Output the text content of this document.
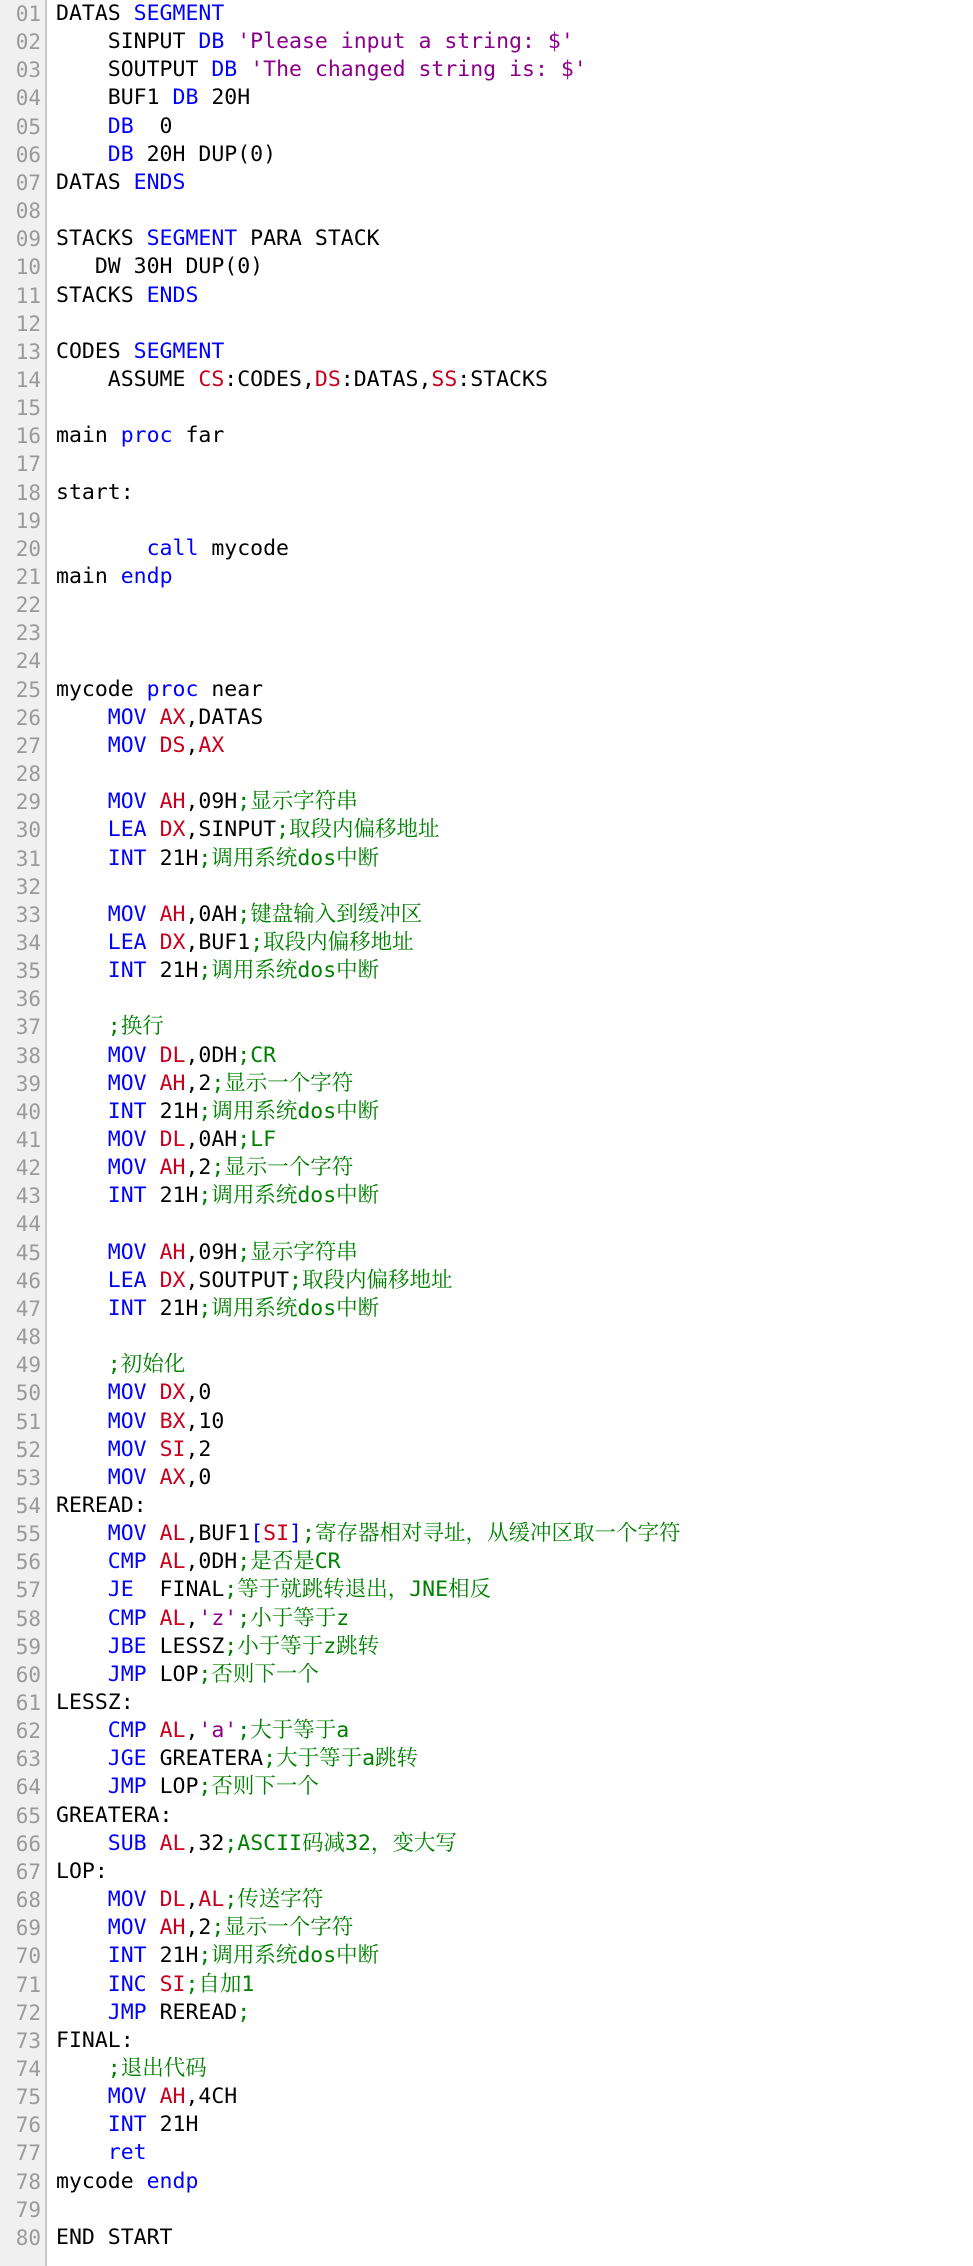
01 DATAS SEGMENT
02 SINPUT DB 'Please input a string: $'
03 SOUTPUT DB 'The changed string is: $'
04 BUF1 DB 20H
05	DB  0
06	DB 20H DUP(0)
07 DATAS ENDS
08
09 STACKS SEGMENT PARA STACK
10 DW 30H DUP(0)
11 STACKS ENDS
12
13 CODES SEGMENT
14 ASSUME CS:CODES,DS:DATAS,SS:STACKS
15
16 main proc far
17
18 start:
19
20	call mycode
21 main endp
22
23
24
25 mycode proc near
26	MOV AX,DATAS
27	MOV DS,AX
28
29	MOV AH,09H;显示字符串
30	LEA DX,SINPUT;取段内偏移地址
31	INT 21H;调用系统dos中断
32
33	MOV AH,0AH;键盘输入到缓冲区
34	LEA DX,BUF1;取段内偏移地址
35	INT 21H;调用系统dos中断
36
37	;换行
38	MOV DL,0DH;CR
39	MOV AH,2;显示一个字符
40	INT 21H;调用系统dos中断
41	MOV DL,0AH;LF
42	MOV AH,2;显示一个字符
43	INT 21H;调用系统dos中断
44
45	MOV AH,09H;显示字符串
46	LEA DX,SOUTPUT;取段内偏移地址
47	INT 21H;调用系统dos中断
48
49	;初始化
50	MOV DX,0
51	MOV BX,10
52	MOV SI,2
53	MOV AX,0
54 REREAD:
55	MOV AL,BUF1[SI];寄存器相对寻址，从缓冲区取一个字符
56	CMP AL,0DH;是否是CR
57	JE  FINAL;等于就跳转退出，JNE相反
58	CMP AL,'z';小于等于z
59	JBE LESSZ;小于等于z跳转
60	JMP LOP;否则下一个
61 LESSZ:
62	CMP AL,'a';大于等于a
63	JGE GREATERA;大于等于a跳转
64	JMP LOP;否则下一个
65 GREATERA:
66	SUB AL,32;ASCII码减32，变大写
67 LOP:
68	MOV DL,AL;传送字符
69	MOV AH,2;显示一个字符
70	INT 21H;调用系统dos中断
71	INC SI;自加1
72	JMP REREAD;
73 FINAL:
74	;退出代码
75	MOV AH,4CH
76	INT 21H
77	ret
78 mycode endp
79
80 END START
